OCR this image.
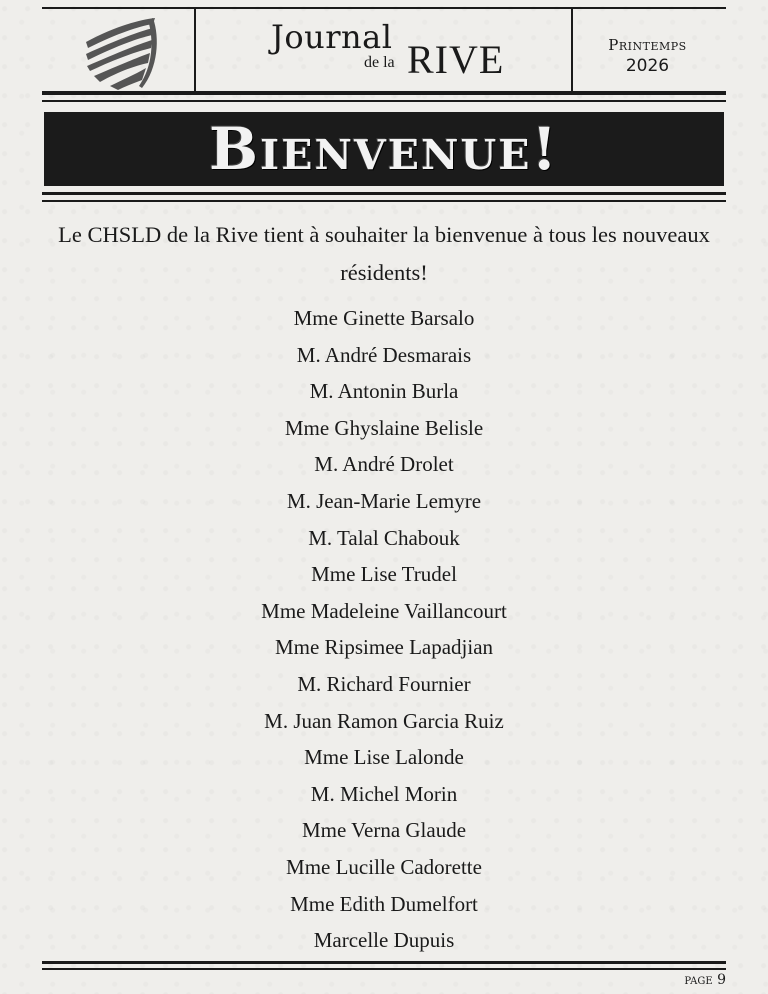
Journal
de la RIVE	Printemps
2026
Bienvenue!
Le CHSLD de la Rive tient à souhaiter la bienvenue à tous les nouveaux résidents!
Mme Ginette Barsalo
M. André Desmarais
M. Antonin Burla
Mme Ghyslaine Belisle
M. André Drolet
M. Jean-Marie Lemyre
M. Talal Chabouk
Mme Lise Trudel
Mme Madeleine Vaillancourt
Mme Ripsimee Lapadjian
M. Richard Fournier
M. Juan Ramon Garcia Ruiz
Mme Lise Lalonde
M. Michel Morin
Mme Verna Glaude
Mme Lucille Cadorette
Mme Edith Dumelfort
Marcelle Dupuis
page 9
